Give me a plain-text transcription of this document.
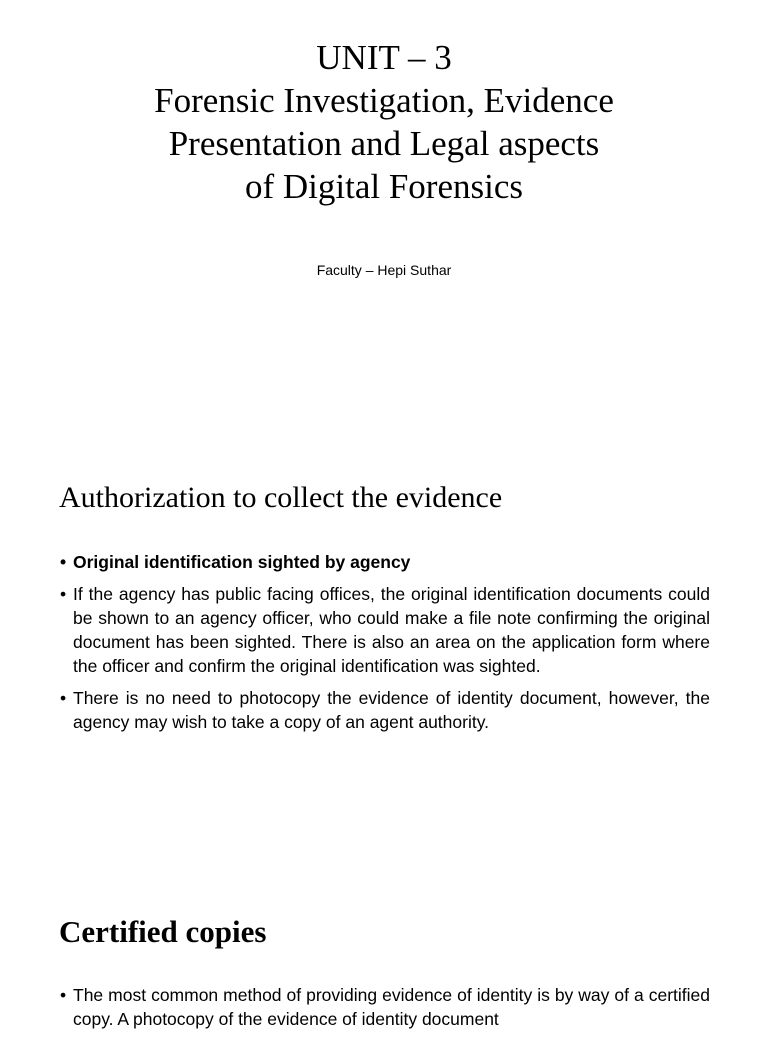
UNIT – 3
Forensic Investigation, Evidence
Presentation and Legal aspects
of Digital Forensics
Faculty – Hepi Suthar
Authorization to collect the evidence
• Original identification sighted by agency
• If the agency has public facing offices, the original identification documents could be shown to an agency officer, who could make a file note confirming the original document has been sighted. There is also an area on the application form where the officer and confirm the original identification was sighted.
• There is no need to photocopy the evidence of identity document, however, the agency may wish to take a copy of an agent authority.
Certified copies
• The most common method of providing evidence of identity is by way of a certified copy. A photocopy of the evidence of identity document
